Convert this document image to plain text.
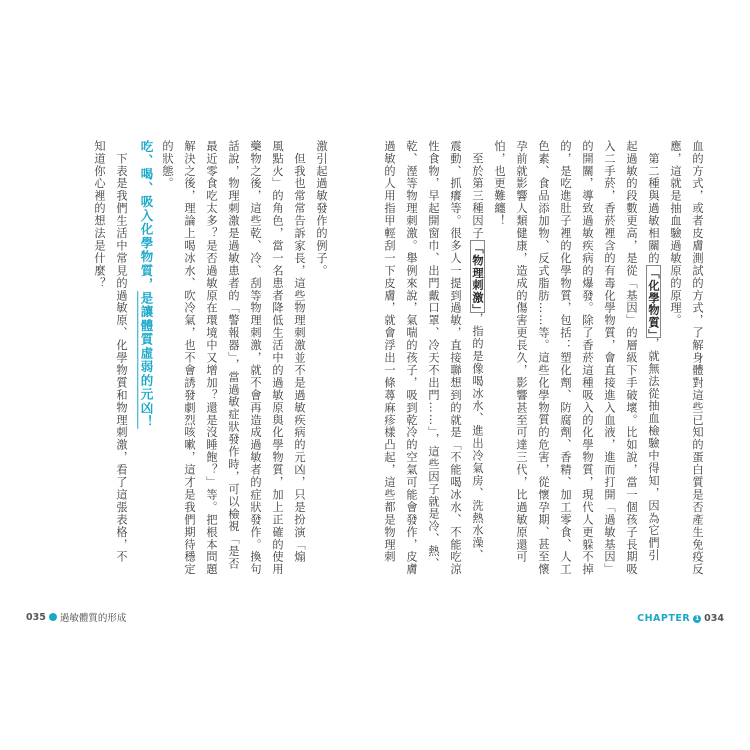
血的方式，或者皮膚測試的方式，了解身體對這些已知的蛋白質是否產生免疫反
應，這就是抽血驗過敏原的原理。
　第二種與過敏相關的「化學物質」，就無法從抽血檢驗中得知，因為它們引
起過敏的段數更高，是從「基因」的層級下手破壞。比如說，當一個孩子長期吸
入二手菸，香菸裡含的有毒化學物質，會直接進入血液，進而打開「過敏基因」
的開關，導致過敏疾病的爆發。除了香菸這種吸入的化學物質，現代人更躲不掉
的，是吃進肚子裡的化學物質，包括：塑化劑、防腐劑、香精、加工零食、人工
色素、食品添加物、反式脂肪……等。這些化學物質的危害，從懷孕期、甚至懷
孕前就影響人類健康，造成的傷害更長久，影響甚至可達三代，比過敏原還可
怕，也更難纏！
　至於第三種因子「物理刺激」，指的是像喝冰水、進出冷氣房、洗熱水澡、
震動、抓癢等。很多人一提到過敏，直接聯想到的就是「不能喝冰水、不能吃涼
性食物，早起開窗巾、出門戴口罩、冷天不出門……」，這些因子就是冷、熱、
乾、溼等物理刺激。舉例來說，氣喘的孩子，吸到乾冷的空氣可能會發作，皮膚
過敏的人用指甲輕刮一下皮膚，就會浮出一條蕁麻疹樣凸起，這些都是物理刺
激引起過敏發作的例子。
　但我也常常告訴家長，這些物理刺激並不是過敏疾病的元凶，只是扮演「煽
風點火」的角色，當一名患者降低生活中的過敏原與化學物質，加上正確的使用
藥物之後，這些乾、冷、刮等物理刺激，就不會再造成過敏者的症狀發作。換句
話說，物理刺激是過敏患者的「警報器」，當過敏症狀發作時，可以檢視「是否
最近零食吃太多？是否過敏原在環境中又增加？還是沒睡飽？」等。把根本問題
解決之後，理論上喝冰水、吹冷氣，也不會誘發劇烈咳嗽，這才是我們期待穩定
的狀態。
吃、喝、吸入化學物質，是讓體質虛弱的元凶！
　下表是我們生活中常見的過敏原、化學物質和物理刺激，看了這張表格，不
知道你心裡的想法是什麼？
035 過敏體質的形成	CHAPTER 1 034
